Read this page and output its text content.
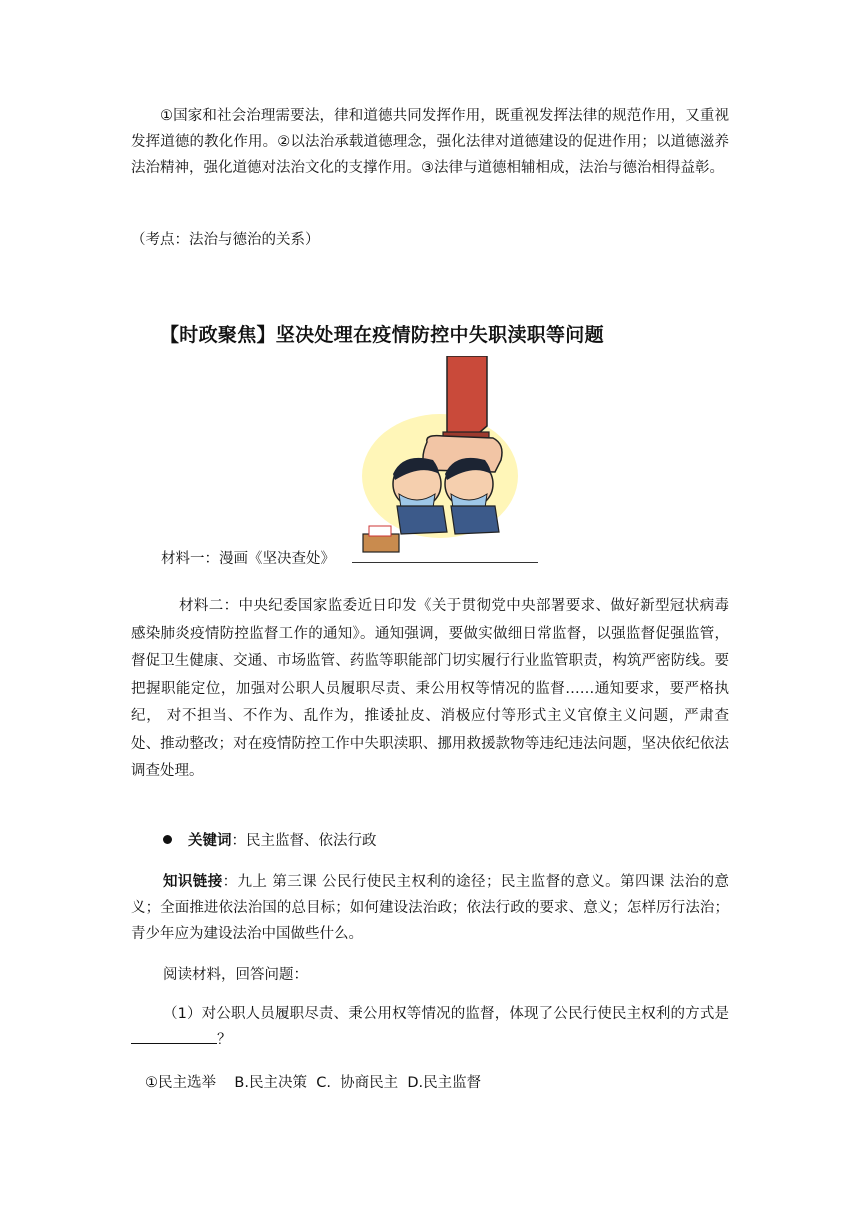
①国家和社会治理需要法，律和道德共同发挥作用，既重视发挥法律的规范作用，又重视发挥道德的教化作用。②以法治承载道德理念，强化法律对道德建设的促进作用；以道德滋养法治精神，强化道德对法治文化的支撑作用。③法律与道德相辅相成，法治与德治相得益彰。

（考点：法治与德治的关系）
【时政聚焦】坚决处理在疫情防控中失职渎职等问题
材料一：漫画《坚决查处》

材料二：中央纪委国家监委近日印发《关于贯彻党中央部署要求、做好新型冠状病毒感染肺炎疫情防控监督工作的通知》。通知强调，要做实做细日常监督，以强监督促强监管，督促卫生健康、交通、市场监管、药监等职能部门切实履行行业监管职责，构筑严密防线。要把握职能定位，加强对公职人员履职尽责、秉公用权等情况的监督……通知要求，要严格执纪， 对不担当、不作为、乱作为，推诿扯皮、消极应付等形式主义官僚主义问题，严肃查处、推动整改；对在疫情防控工作中失职渎职、挪用救援款物等违纪违法问题，坚决依纪依法调查处理。

关键词 ： 民主监督、依法行政

知识链接：九上 第三课 公民行使民主权利的途径；民主监督的意义。第四课 法治的意义；全面推进依法治国的总目标；如何建设法治政；依法行政的要求、意义；怎样厉行法治；青少年应为建设法治中国做些什么。

阅读材料，回答问题：

（1）对公职人员履职尽责、秉公用权等情况的监督，体现了公民行使民主权利的方式是？

①民主选举    B.民主决策  C.  协商民主  D.民主监督
